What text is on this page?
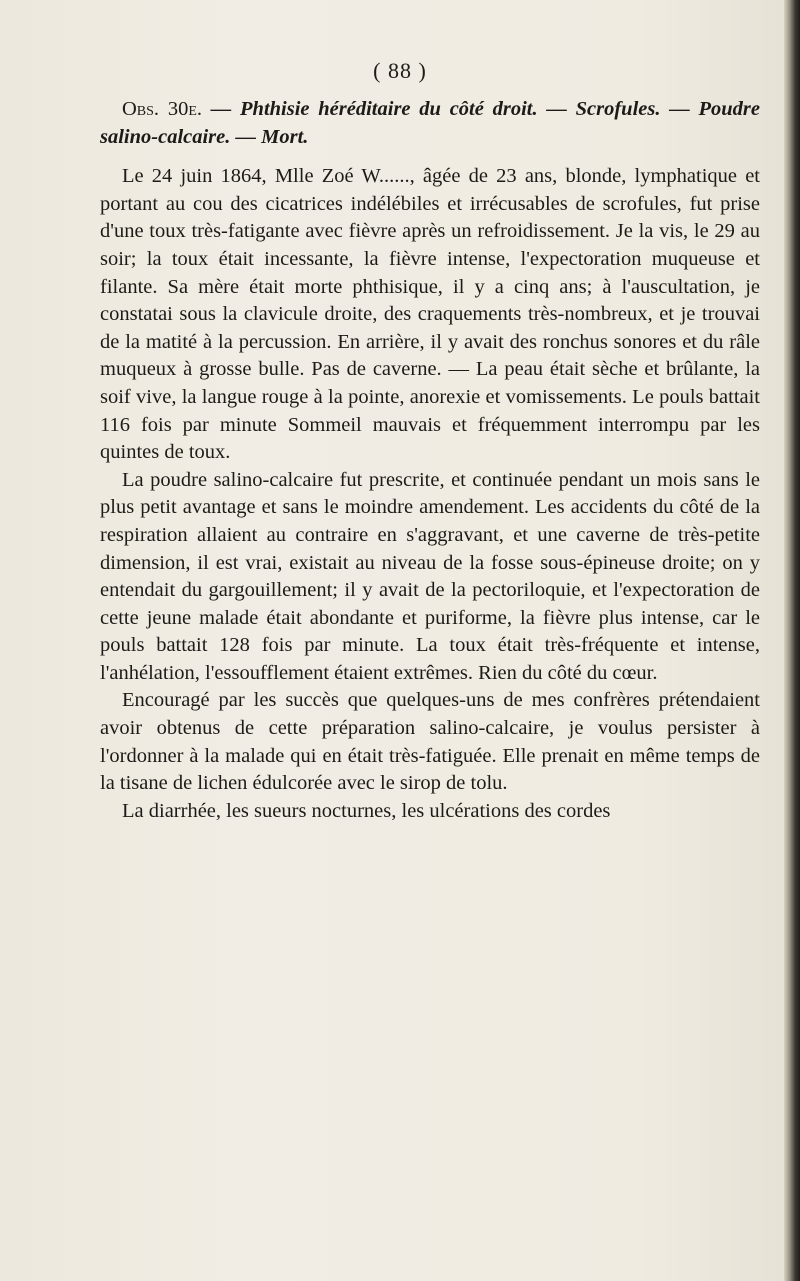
( 88 )

Obs. 30e. — Phthisie héréditaire du côté droit. — Scrofules. — Poudre salino-calcaire. — Mort.

Le 24 juin 1864, Mlle Zoé W......, âgée de 23 ans, blonde, lymphatique et portant au cou des cicatrices indélébiles et irrécusables de scrofules, fut prise d'une toux très-fatigante avec fièvre après un refroidissement. Je la vis, le 29 au soir; la toux était incessante, la fièvre intense, l'expectoration muqueuse et filante. Sa mère était morte phthisique, il y a cinq ans; à l'auscultation, je constatai sous la clavicule droite, des craquements très-nombreux, et je trouvai de la matité à la percussion. En arrière, il y avait des ronchus sonores et du râle muqueux à grosse bulle. Pas de caverne. — La peau était sèche et brûlante, la soif vive, la langue rouge à la pointe, anorexie et vomissements. Le pouls battait 116 fois par minute Sommeil mauvais et fréquemment interrompu par les quintes de toux.

La poudre salino-calcaire fut prescrite, et continuée pendant un mois sans le plus petit avantage et sans le moindre amendement. Les accidents du côté de la respiration allaient au contraire en s'aggravant, et une caverne de très-petite dimension, il est vrai, existait au niveau de la fosse sous-épineuse droite; on y entendait du gargouillement; il y avait de la pectoriloquie, et l'expectoration de cette jeune malade était abondante et puriforme, la fièvre plus intense, car le pouls battait 128 fois par minute. La toux était très-fréquente et intense, l'anhélation, l'essoufflement étaient extrêmes. Rien du côté du cœur.

Encouragé par les succès que quelques-uns de mes confrères prétendaient avoir obtenus de cette préparation salino-calcaire, je voulus persister à l'ordonner à la malade qui en était très-fatiguée. Elle prenait en même temps de la tisane de lichen édulcorée avec le sirop de tolu.

La diarrhée, les sueurs nocturnes, les ulcérations des cordes
